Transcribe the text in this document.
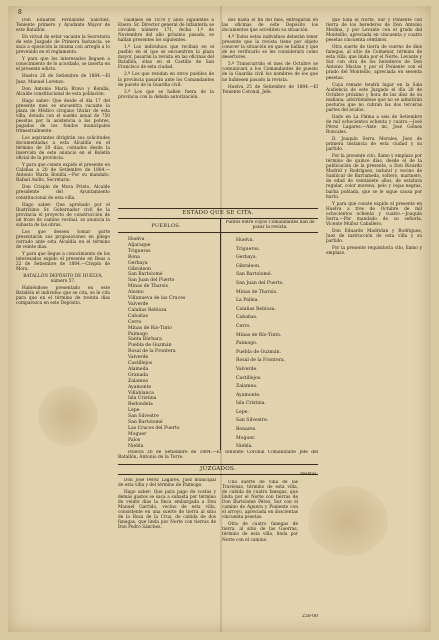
8

Don Eduardo Fernández Sánchez, Teniente primero y Ayudante Mayor de este Batallón.

En virtud de estar vacante la Secretaría de este Juzgado de Primera Instancia, se saca a oposición la misma con arreglo a lo prevenido en el reglamento.

Y para que los interesados lleguen a conocimiento de lo acordado, se inserta en el presente edicto.

Huelva 26 de Setiembre de 1884.—El Juez, Manuel Lorenzo.

Don Antonio María Bravo y Bonilla, Alcalde constitucional de esta población.

Hago saber: Que desde el día 17 del presente mes se encuentra vacante la plaza de Médico cirujano titular de esta villa, dotada con el sueldo anual de 750 pesetas por la asistencia a los pobres, pagadas de los fondos municipales trimestralmente.

Los aspirantes dirigirán sus solicitudes documentadas a esta Alcaldía en el término de 30 días, contados desde la inserción de este anuncio en el Boletín oficial de la provincia.

Y para que conste expido el presente en Calañas a 20 de Setiembre de 1884.—Antonio María Bonilla.—Por su mandato, Rafael Anillo, Secretario.

Don Crispín de Mora Prieto, Alcalde presidente del Ayuntamiento constitucional de esta villa.

Hago saber: Que aprobado por el Ilustrísimo Sr. Gobernador civil de la provincia el proyecto de construcción de un trozo de camino vecinal, se anuncia la subasta de las obras.

Los que deseen tomar parte presentarán sus proposiciones en pliego cerrado ante esta Alcaldía en el término de veinte días.

Y para que llegue a conocimiento de los interesados expido el presente en Beas a 22 de Setiembre de 1884.—Crispín de Mora.

BATALLÓN DEPÓSITO DE HUELVA, número 57.

Habiéndose presentado en este Batallón el individuo que se cita, se le cita para que en el término de treinta días comparezca en este Depósito.

caudales de 1878 y años siguientes a Enero. Sr. Director general de Infantería se circulen número 171, fecha 1.º de Noviembre del año próximo pasado, se hallan presentes los siguientes.

1.º Los individuos que reciban en el pueblo en el que se encuentren la plaza mayor, pasarán la revista en las oficinas del Batallón, sitas en el Castillo de San Francisco de esta ciudad.

2.º Los que residan en otros pueblos de la provincia pasarán ante los Comandantes de puesto de la Guardia civil.

3.º Los que se hallen fuera de la provincia con la debida autorización.

dos hasta el fin del mes, entregarán en las oficinas de este Depósito los documentos que acrediten su situación.

4.º Todos estos individuos deberán tener presente que la revista tiene por objeto conocer la situación en que se hallan y que de no verificarlo se les considerará como desertores.

5.º Transcurrido el mes de Octubre se comunicará a los Comandantes de puesto de la Guardia civil los nombres de los que no hubiesen pasado la revista.

Huelva 25 de Setiembre de 1884.—El Teniente Coronal, Jefe.

que toda el Norte, Sur y Poniente con tierra de los herederos de Don Antonio Medina, y por Levante con el grado del Monteillo, apreciada en cincuenta y cuatro pesetas cincuenta céntimos.

Otra suerte de tierra de cuerno de diez fanegas, al sitio de Colmenar, término de esta villa, que linda por el Norte, Levante y Sur con otra de los herederos de Don Antonio Macías y por el Poniente con el prado del Monteillo, apreciada en sesenta pesetas.

Cuya remate tendrá lugar en la Sala Audiencia de este Juzgado el día 28 de Octubre próximo y hora de las diez de su mañana; advirtiéndose que no se admitirán posturas que no cubran las dos terceras partes del avalúo.

Dado en La Palma a seis de Setiembre de mil ochocientos ochenta y cuatro.—José Pérez Lagares.—Ante mí, José Gómez Roncales.

D. Joaquín Serra Morales, Juez de primera instancia de esta ciudad y su partido.

Por la presente cito, llamo y emplazo por término de quince días, desde el de la publicación de la presente, a Don Ricardo Madrid y Rodríguez, natural y vecino de Sanlúcar de Barrameda, soltero, marinero, de edad de veintisiete años, de estatura regular, color moreno, pelo y cejas negras, barba poblada, que se le sigue causa por hurto.

Y para que conste expido el presente en Huelva a tres de Octubre de mil ochocientos ochenta y cuatro.—Joaquín Serra.—Por mandado de su señoría, Vicente Muñoz Caballero.

Don Eduardo Madridan y Rodríguez, Juez de instrucción de esta villa y su partido.

Por la presente requisitoria cito, llamo y emplazo.

ESTADO QUE SE CITA.
PUEBLOS.
Puntos entre cuyos Comandantes han de pasar la revista.
Huelva
Aljaraque
Trigueras
Bona
Gerbaya
Gibraleon
San Bartolomé
San Juan del Puerto
Minas de Tharsis
Alosno
Villanueva de las Cruces
Valverde
Calañas Rebloza
Cabañas
Cerro
Minas de Río-Tinto
Paimogo
Santa Bárbara
Puebla de Guzmán
Rosal de la Frontera
Valverde
Castillejos
Alameda
Granada
Zalamea
Ayamonte
Villablanca
Isla Cristina
Redondela
Lepe
San Silvestre
San Bartolomé
Las Cruces del Puerto
Moguer
Palos
Niebla
Huelva.
Trigueros.
Gerbaya.
Gibraleon.
San Bartolomé.
San Juan del Puerto.
Minas de Tharsis.
La Palma.
Calañas Rebloza.
Cabañas.
Cerro.
Minas de Río-Tinto.
Paimogo.
Puebla de Guzmán.
Rosal de la Frontera.
Valverde.
Castillejos.
Zalamea.
Ayamonte.
Isla Cristina.
Lepe.
San Silvestre.
Bonares.
Moguer.
Niebla.
Huelva 26 de Setiembre de 1884.—El Teniente Coronal Comandante Jefe del Batallón, Antonio de la Torre.
JUZGADOS.

Don José Pérez Lagares, Juez municipal de esta villa y del término de Paimogo.

Hago saber: Que para pago de costas y demás gastos se saca a subasta por término de veinte días la finca embargada a Don Manuel Garrido, vecino de esta villa, consistente en una suerte de tierra al sitio de la Roza de la Cruz, de cabida de dos fanegas, que linda por Norte con tierras de Don Pedro Sánchez.

Pesetas.

Una suerte de viña de las Traviesas, término de esta villa, de cabida de cuatro fanegas, que linda por el Norte con tierras de Don Bartolomé Pérez, Sur con el camino de Aguera y Poniente con el arroyo, apreciada en doscientas cincuenta pesetas.

Otra de cuatro fanegas de tierra, al sitio de las Guerras, término de esta villa, linda por Norte con el camino.

250·00
